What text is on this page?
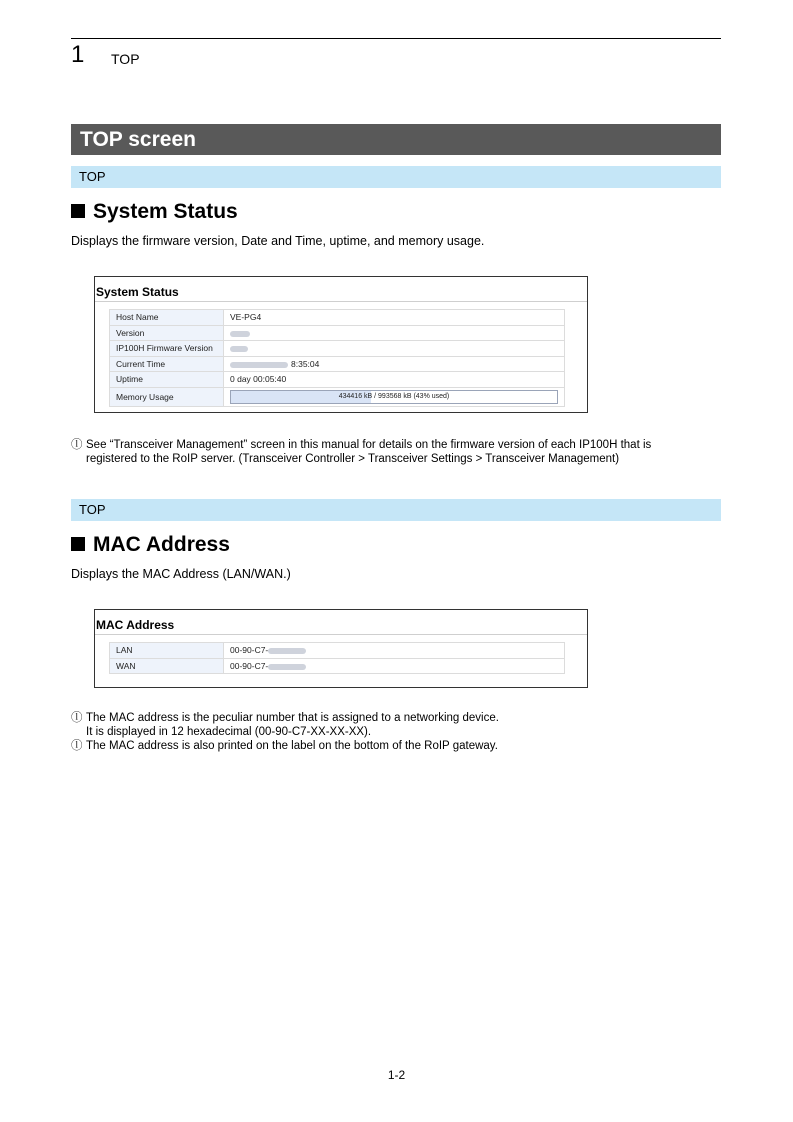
1 TOP
TOP screen
TOP
System Status
Displays the firmware version, Date and Time, uptime, and memory usage.
System Status
Host Name	VE-PG4
Version	
IP100H Firmware Version	
Current Time	8:35:04
Uptime	0 day 00:05:40
Memory Usage	434416 kB / 993568 kB (43% used)
ⓛ See “Transceiver Management” screen in this manual for details on the firmware version of each IP100H that is
registered to the RoIP server. (Transceiver Controller > Transceiver Settings > Transceiver Management)
TOP
MAC Address
Displays the MAC Address (LAN/WAN.)
MAC Address
LAN	00-90-C7-
WAN	00-90-C7-
ⓛ The MAC address is the peculiar number that is assigned to a networking device.
It is displayed in 12 hexadecimal (00-90-C7-XX-XX-XX).
ⓛ The MAC address is also printed on the label on the bottom of the RoIP gateway.
1-2
